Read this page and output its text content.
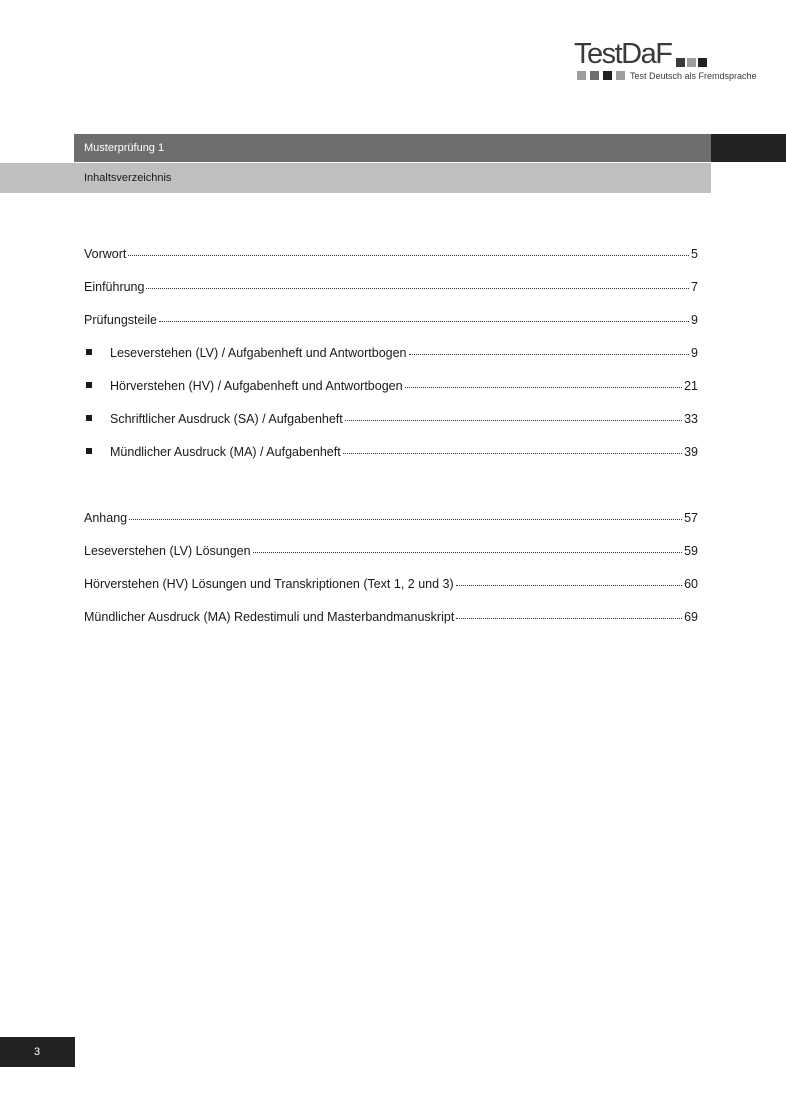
TestDaF
Test Deutsch als Fremdsprache
Musterprüfung 1
Inhaltsverzeichnis
Vorwort	5
Einführung	7
Prüfungsteile	9
Leseverstehen (LV) / Aufgabenheft und Antwortbogen	9
Hörverstehen (HV) / Aufgabenheft und Antwortbogen	21
Schriftlicher Ausdruck (SA) / Aufgabenheft	33
Mündlicher Ausdruck (MA) / Aufgabenheft	39
Anhang	57
Leseverstehen (LV) Lösungen	59
Hörverstehen (HV) Lösungen und Transkriptionen (Text 1, 2 und 3)	60
Mündlicher Ausdruck (MA) Redestimuli und Masterbandmanuskript	69
3
